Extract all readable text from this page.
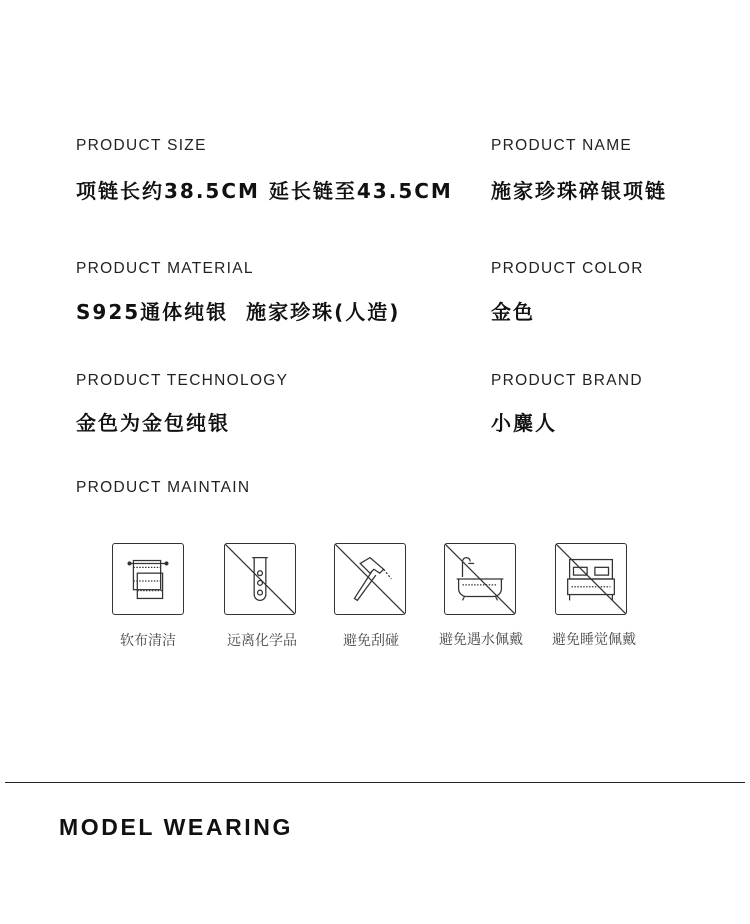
PRODUCT SIZE
项链长约38.5CM 延长链至43.5CM
PRODUCT NAME
施家珍珠碎银项链
PRODUCT MATERIAL
S925通体纯银  施家珍珠(人造)
PRODUCT COLOR
金色
PRODUCT TECHNOLOGY
金色为金包纯银
PRODUCT BRAND
小麋人
PRODUCT MAINTAIN
软布清洁	远离化学品	避免刮碰	避免遇水佩戴	避免睡觉佩戴
MODEL WEARING
